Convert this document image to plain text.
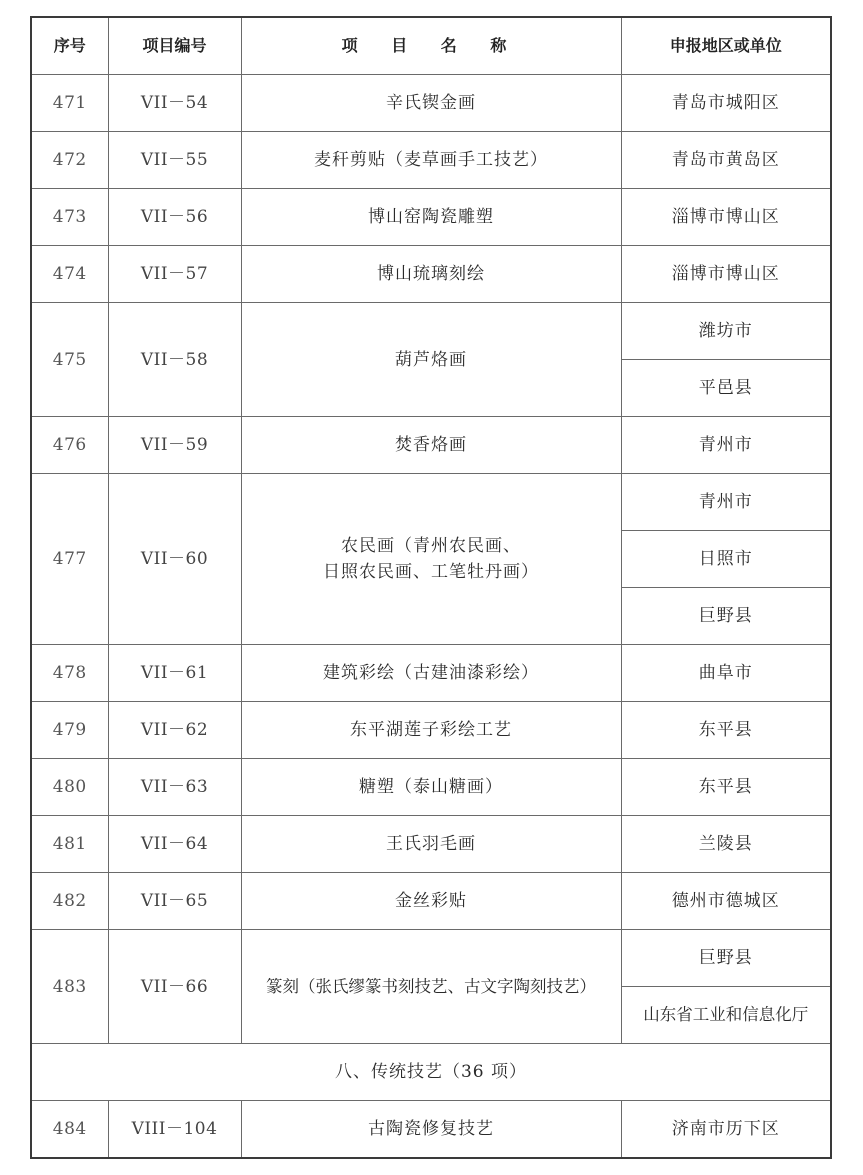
序号	项目编号	项 目 名 称	申报地区或单位
471	VII－54	辛氏锲金画	青岛市城阳区
472	VII－55	麦秆剪贴（麦草画手工技艺）	青岛市黄岛区
473	VII－56	博山窑陶瓷雕塑	淄博市博山区
474	VII－57	博山琉璃刻绘	淄博市博山区
475	VII－58	葫芦烙画	潍坊市
			平邑县
476	VII－59	焚香烙画	青州市
477	VII－60	农民画（青州农民画、
日照农民画、工笔牡丹画）	青州市
			日照市
			巨野县
478	VII－61	建筑彩绘（古建油漆彩绘）	曲阜市
479	VII－62	东平湖莲子彩绘工艺	东平县
480	VII－63	糖塑（泰山糖画）	东平县
481	VII－64	王氏羽毛画	兰陵县
482	VII－65	金丝彩贴	德州市德城区
483	VII－66	篆刻（张氏缪篆书刻技艺、古文字陶刻技艺）	巨野县
			山东省工业和信息化厅
八、传统技艺（36 项）			
484	VIII－104	古陶瓷修复技艺	济南市历下区
